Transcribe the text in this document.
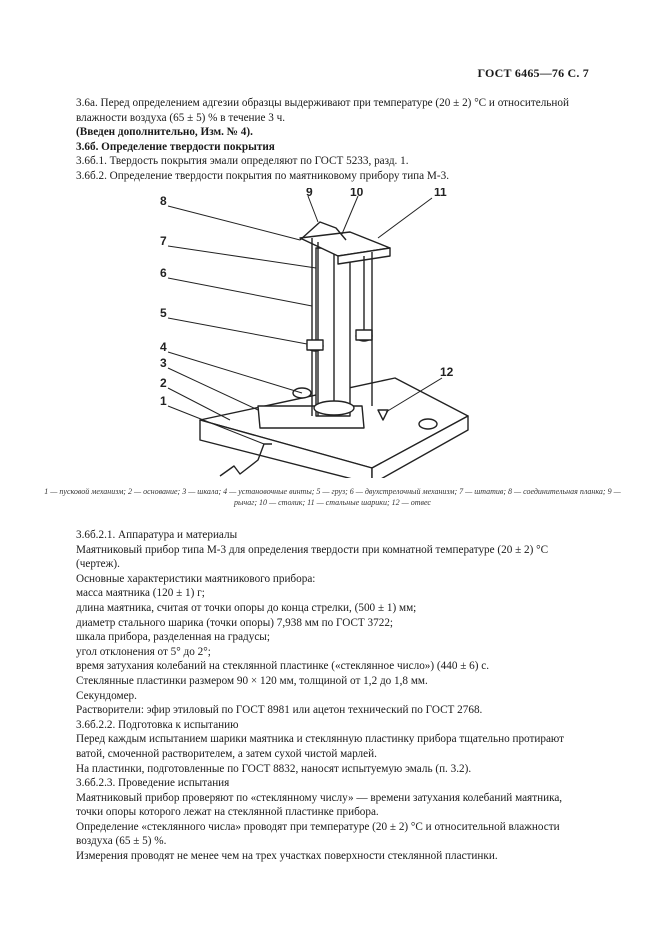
ГОСТ 6465—76 С. 7

3.6а. Перед определением адгезии образцы выдерживают при температуре (20 ± 2) °С и относительной влажности воздуха (65 ± 5) % в течение 3 ч.

(Введен дополнительно, Изм. № 4).

3.6б. Определение твердости покрытия

3.6б.1. Твердость покрытия эмали определяют по ГОСТ 5233, разд. 1.

3.6б.2. Определение твердости покрытия по маятниковому прибору типа М-3.

8
7
6
5
4
3
2
1
9	10	11
12
1 — пусковой механизм; 2 — основание; 3 — шкала; 4 — установочные винты; 5 — груз; 6 — двухстрелочный механизм; 7 — штатив; 8 — соединительная планка; 9 — рычаг; 10 — столик; 11 — стальные шарики; 12 — отвес

3.6б.2.1. Аппаратура и материалы

Маятниковый прибор типа М-3 для определения твердости при комнатной температуре (20 ± 2) °С (чертеж).

Основные характеристики маятникового прибора:

масса маятника (120 ± 1) г;

длина маятника, считая от точки опоры до конца стрелки, (500 ± 1) мм;

диаметр стального шарика (точки опоры) 7,938 мм по ГОСТ 3722;

шкала прибора, разделенная на градусы;

угол отклонения от 5° до 2°;

время затухания колебаний на стеклянной пластинке («стеклянное число») (440 ± 6) с.

Стеклянные пластинки размером 90 × 120 мм, толщиной от 1,2 до 1,8 мм.

Секундомер.

Растворители: эфир этиловый по ГОСТ 8981 или ацетон технический по ГОСТ 2768.

3.6б.2.2. Подготовка к испытанию

Перед каждым испытанием шарики маятника и стеклянную пластинку прибора тщательно протирают ватой, смоченной растворителем, а затем сухой чистой марлей.

На пластинки, подготовленные по ГОСТ 8832, наносят испытуемую эмаль (п. 3.2).

3.6б.2.3. Проведение испытания

Маятниковый прибор проверяют по «стеклянному числу» — времени затухания колебаний маятника, точки опоры которого лежат на стеклянной пластинке прибора.

Определение «стеклянного числа» проводят при температуре (20 ± 2) °С и относительной влажности воздуха (65 ± 5) %.

Измерения проводят не менее чем на трех участках поверхности стеклянной пластинки.
